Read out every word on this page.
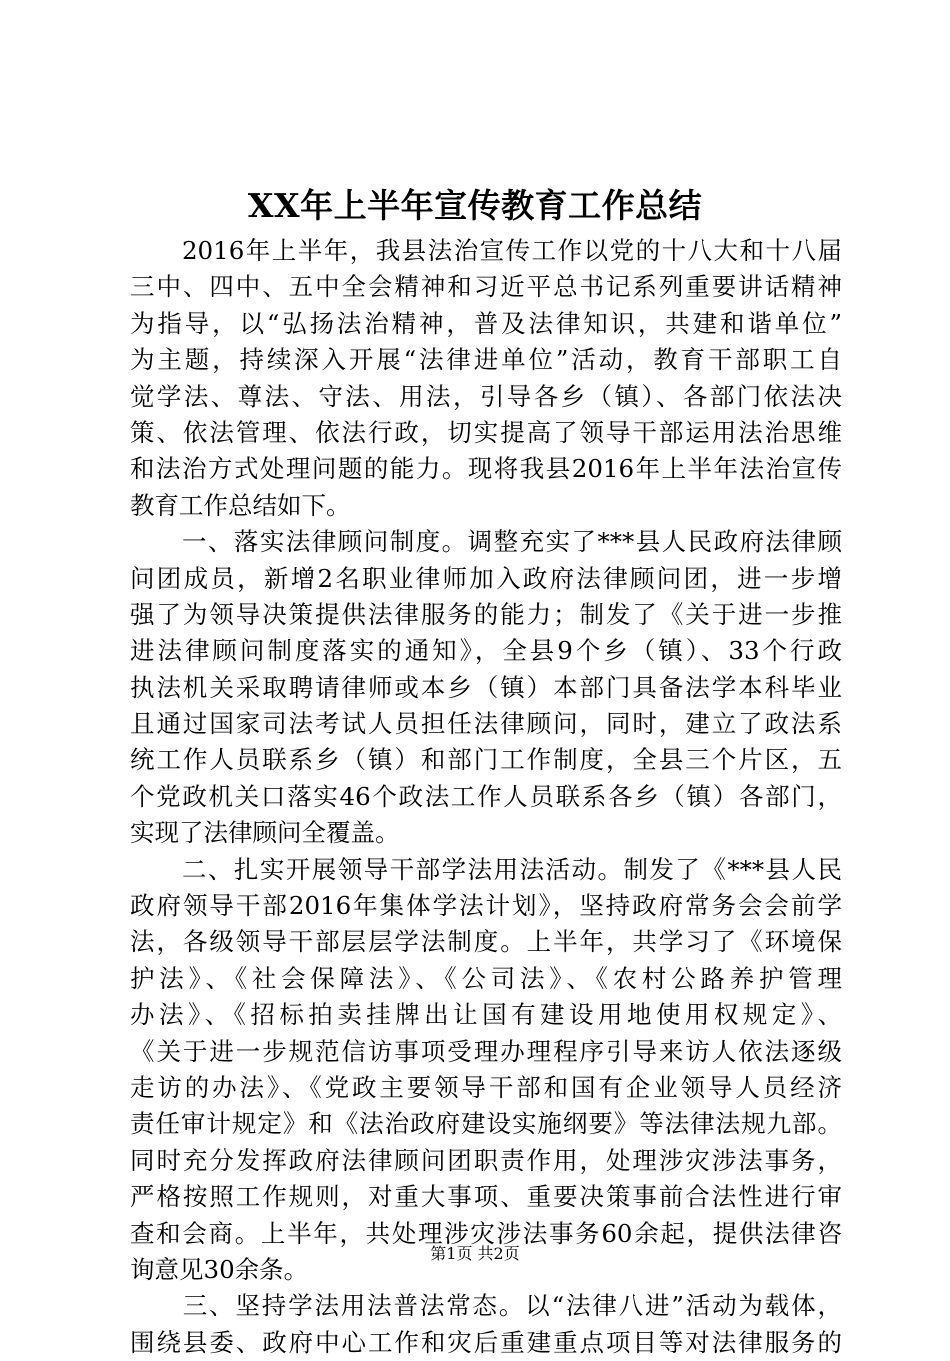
XX年上半年宣传教育工作总结
　　2016年上半年，我县法治宣传工作以党的十八大和十八届
三中、四中、五中全会精神和习近平总书记系列重要讲话精神
为指导，以“弘扬法治精神，普及法律知识，共建和谐单位”
为主题，持续深入开展“法律进单位”活动，教育干部职工自
觉学法、尊法、守法、用法，引导各乡（镇）、各部门依法决
策、依法管理、依法行政，切实提高了领导干部运用法治思维
和法治方式处理问题的能力。现将我县2016年上半年法治宣传
教育工作总结如下。
　　一、落实法律顾问制度。调整充实了***县人民政府法律顾
问团成员，新增2名职业律师加入政府法律顾问团，进一步增
强了为领导决策提供法律服务的能力；制发了《关于进一步推
进法律顾问制度落实的通知》，全县9个乡（镇）、33个行政
执法机关采取聘请律师或本乡（镇）本部门具备法学本科毕业
且通过国家司法考试人员担任法律顾问，同时，建立了政法系
统工作人员联系乡（镇）和部门工作制度，全县三个片区，五
个党政机关口落实46个政法工作人员联系各乡（镇）各部门，
实现了法律顾问全覆盖。
　　二、扎实开展领导干部学法用法活动。制发了《***县人民
政府领导干部2016年集体学法计划》，坚持政府常务会会前学
法，各级领导干部层层学法制度。上半年，共学习了《环境保
护法》、《社会保障法》、《公司法》、《农村公路养护管理
办法》、《招标拍卖挂牌出让国有建设用地使用权规定》、
《关于进一步规范信访事项受理办理程序引导来访人依法逐级
走访的办法》、《党政主要领导干部和国有企业领导人员经济
责任审计规定》和《法治政府建设实施纲要》等法律法规九部。
同时充分发挥政府法律顾问团职责作用，处理涉灾涉法事务，
严格按照工作规则，对重大事项、重要决策事前合法性进行审
查和会商。上半年，共处理涉灾涉法事务60余起，提供法律咨
询意见30余条。
　　三、坚持学法用法普法常态。以“法律八进”活动为载体，
围绕县委、政府中心工作和灾后重建重点项目等对法律服务的
第1页 共2页
